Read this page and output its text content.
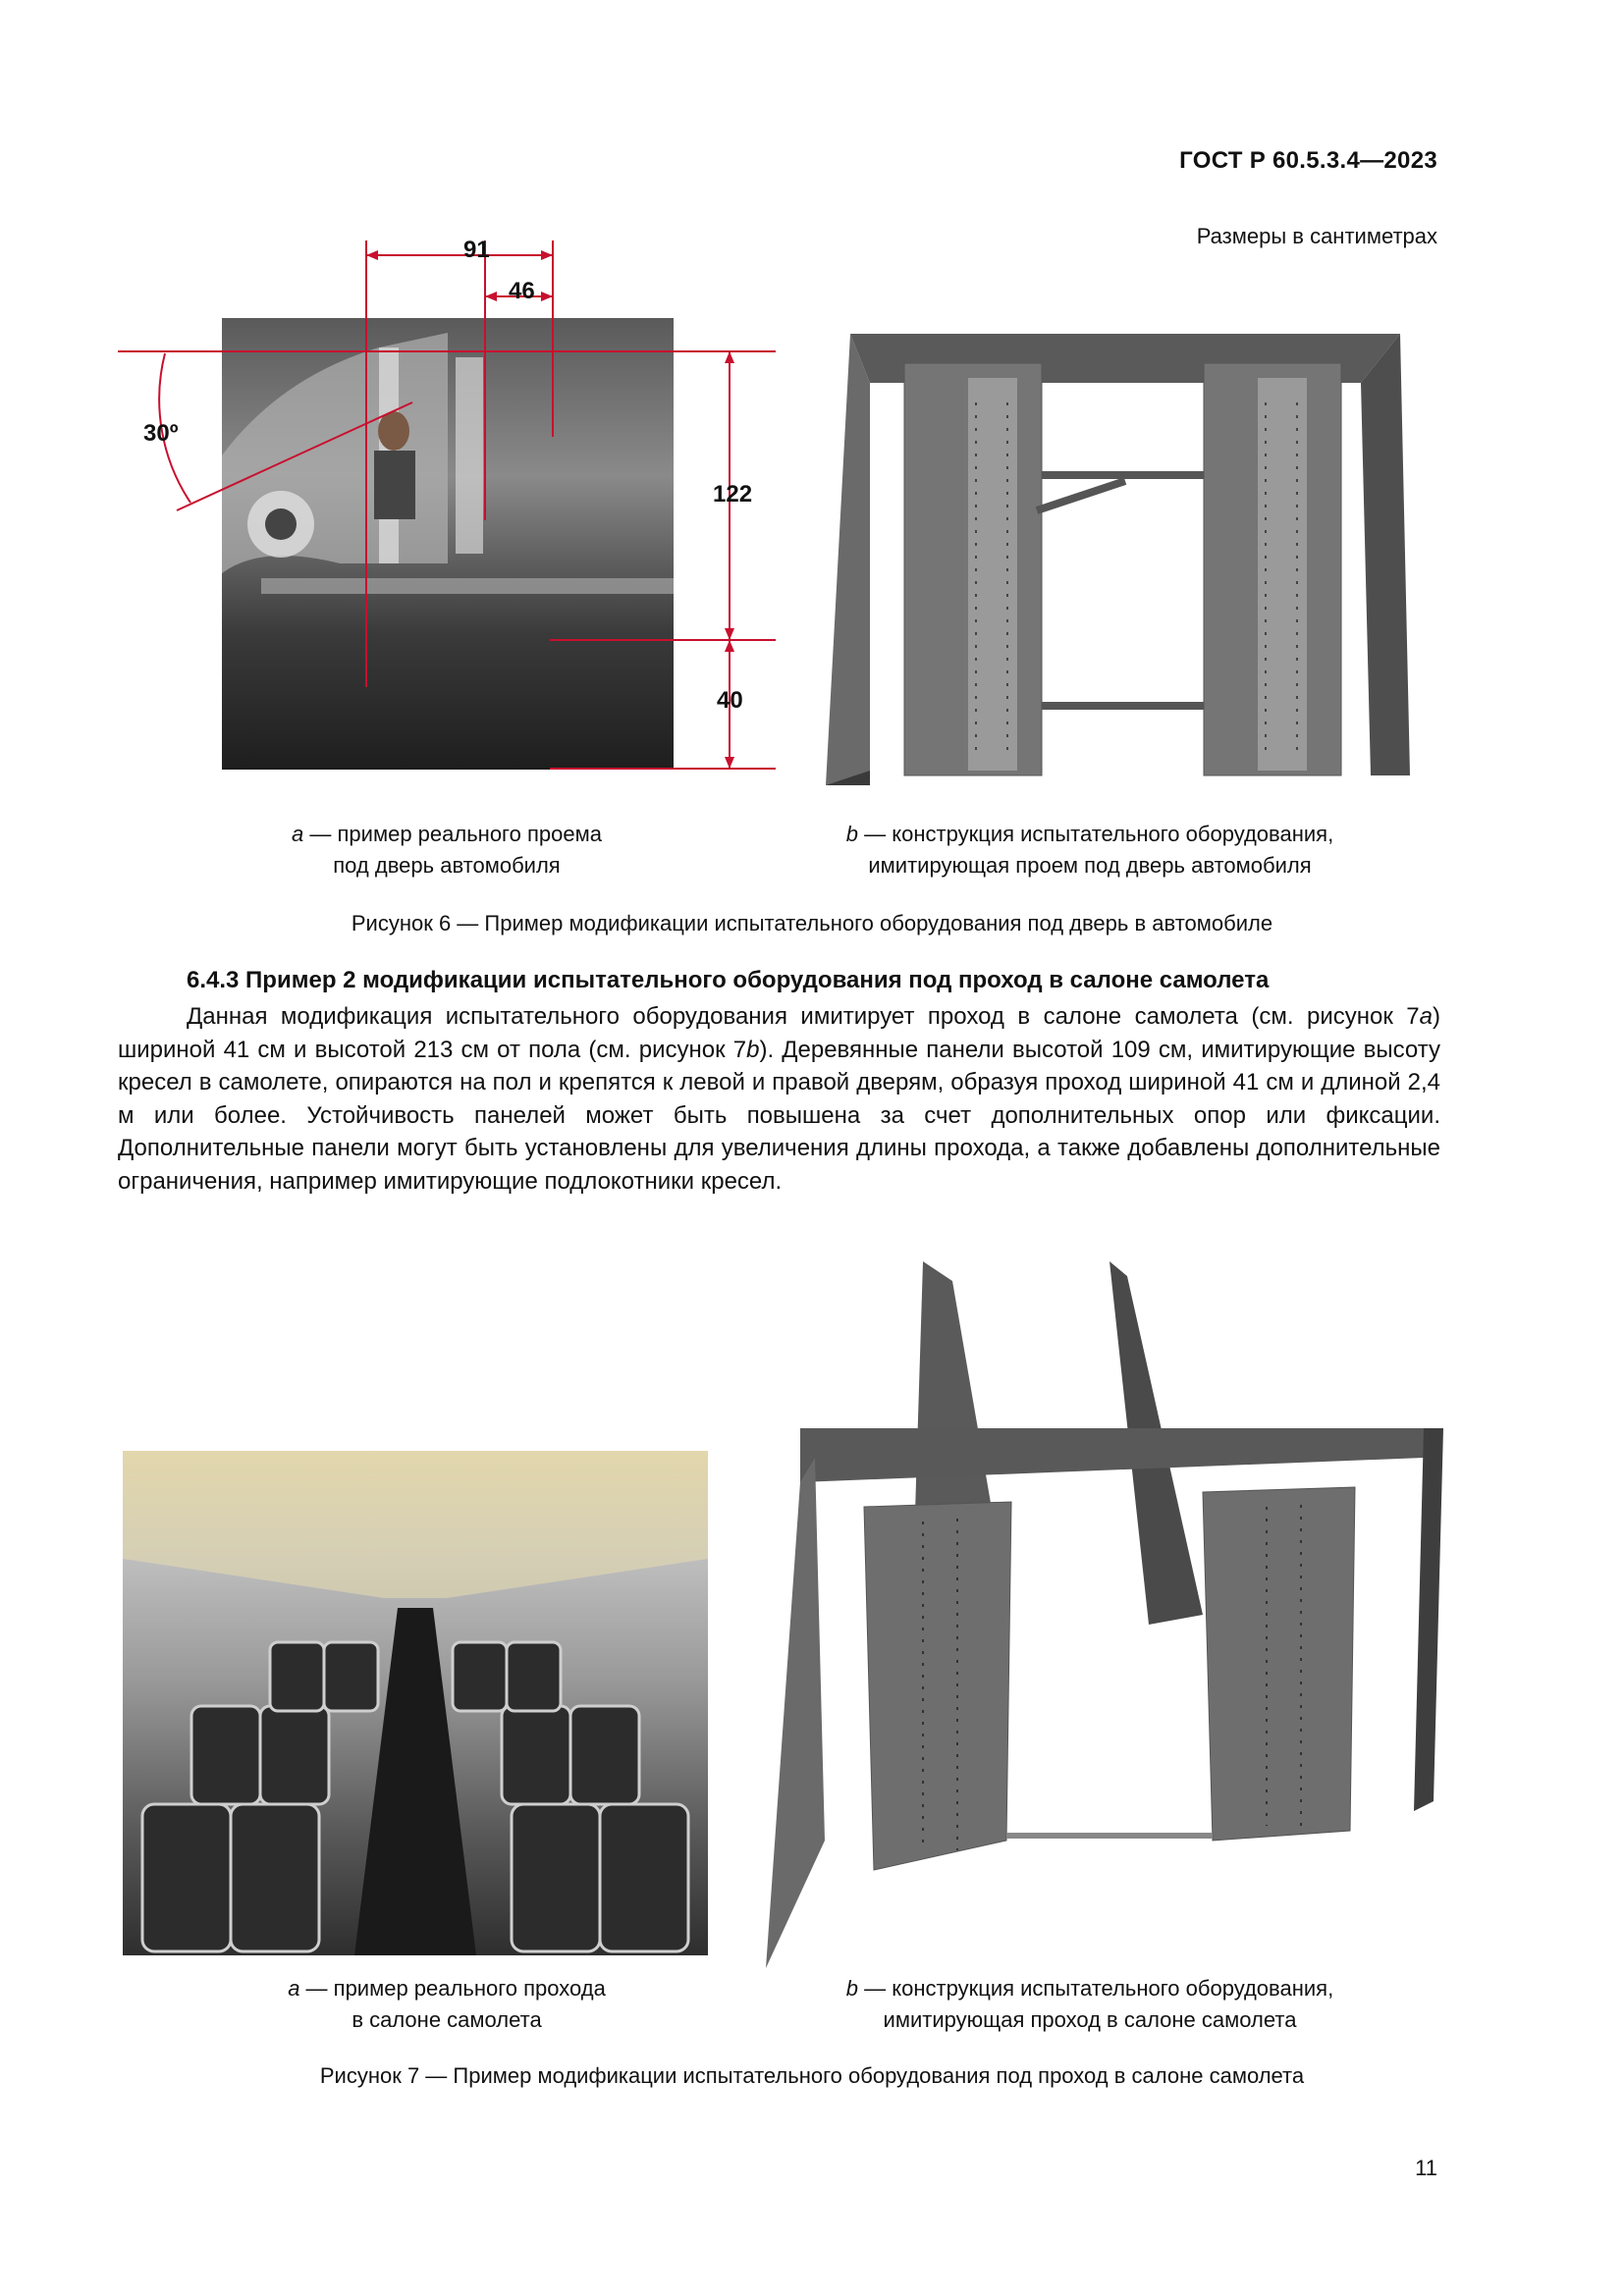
ГОСТ Р 60.5.3.4—2023
Размеры в сантиметрах
91
46
122
40
30º
a — пример реального проема
под дверь автомобиля
b — конструкция испытательного оборудования,
имитирующая проем под дверь автомобиля
Рисунок 6 — Пример модификации испытательного оборудования под дверь в автомобиле
6.4.3 Пример 2 модификации испытательного оборудования под проход в салоне самолета

Данная модификация испытательного оборудования имитирует проход в салоне самолета (см. рисунок 7a) шириной 41 см и высотой 213 см от пола (см. рисунок 7b). Деревянные панели высотой 109 см, имитирующие высоту кресел в самолете, опираются на пол и крепятся к левой и правой дверям, образуя проход шириной 41 см и длиной 2,4 м или более. Устойчивость панелей может быть повышена за счет дополнительных опор или фиксации. Дополнительные панели могут быть установлены для увеличения длины прохода, а также добавлены дополнительные ограничения, например имитирующие подлокотники кресел.

a — пример реального прохода
в салоне самолета
b — конструкция испытательного оборудования,
имитирующая проход в салоне самолета
Рисунок 7 — Пример модификации испытательного оборудования под проход в салоне самолета
11
